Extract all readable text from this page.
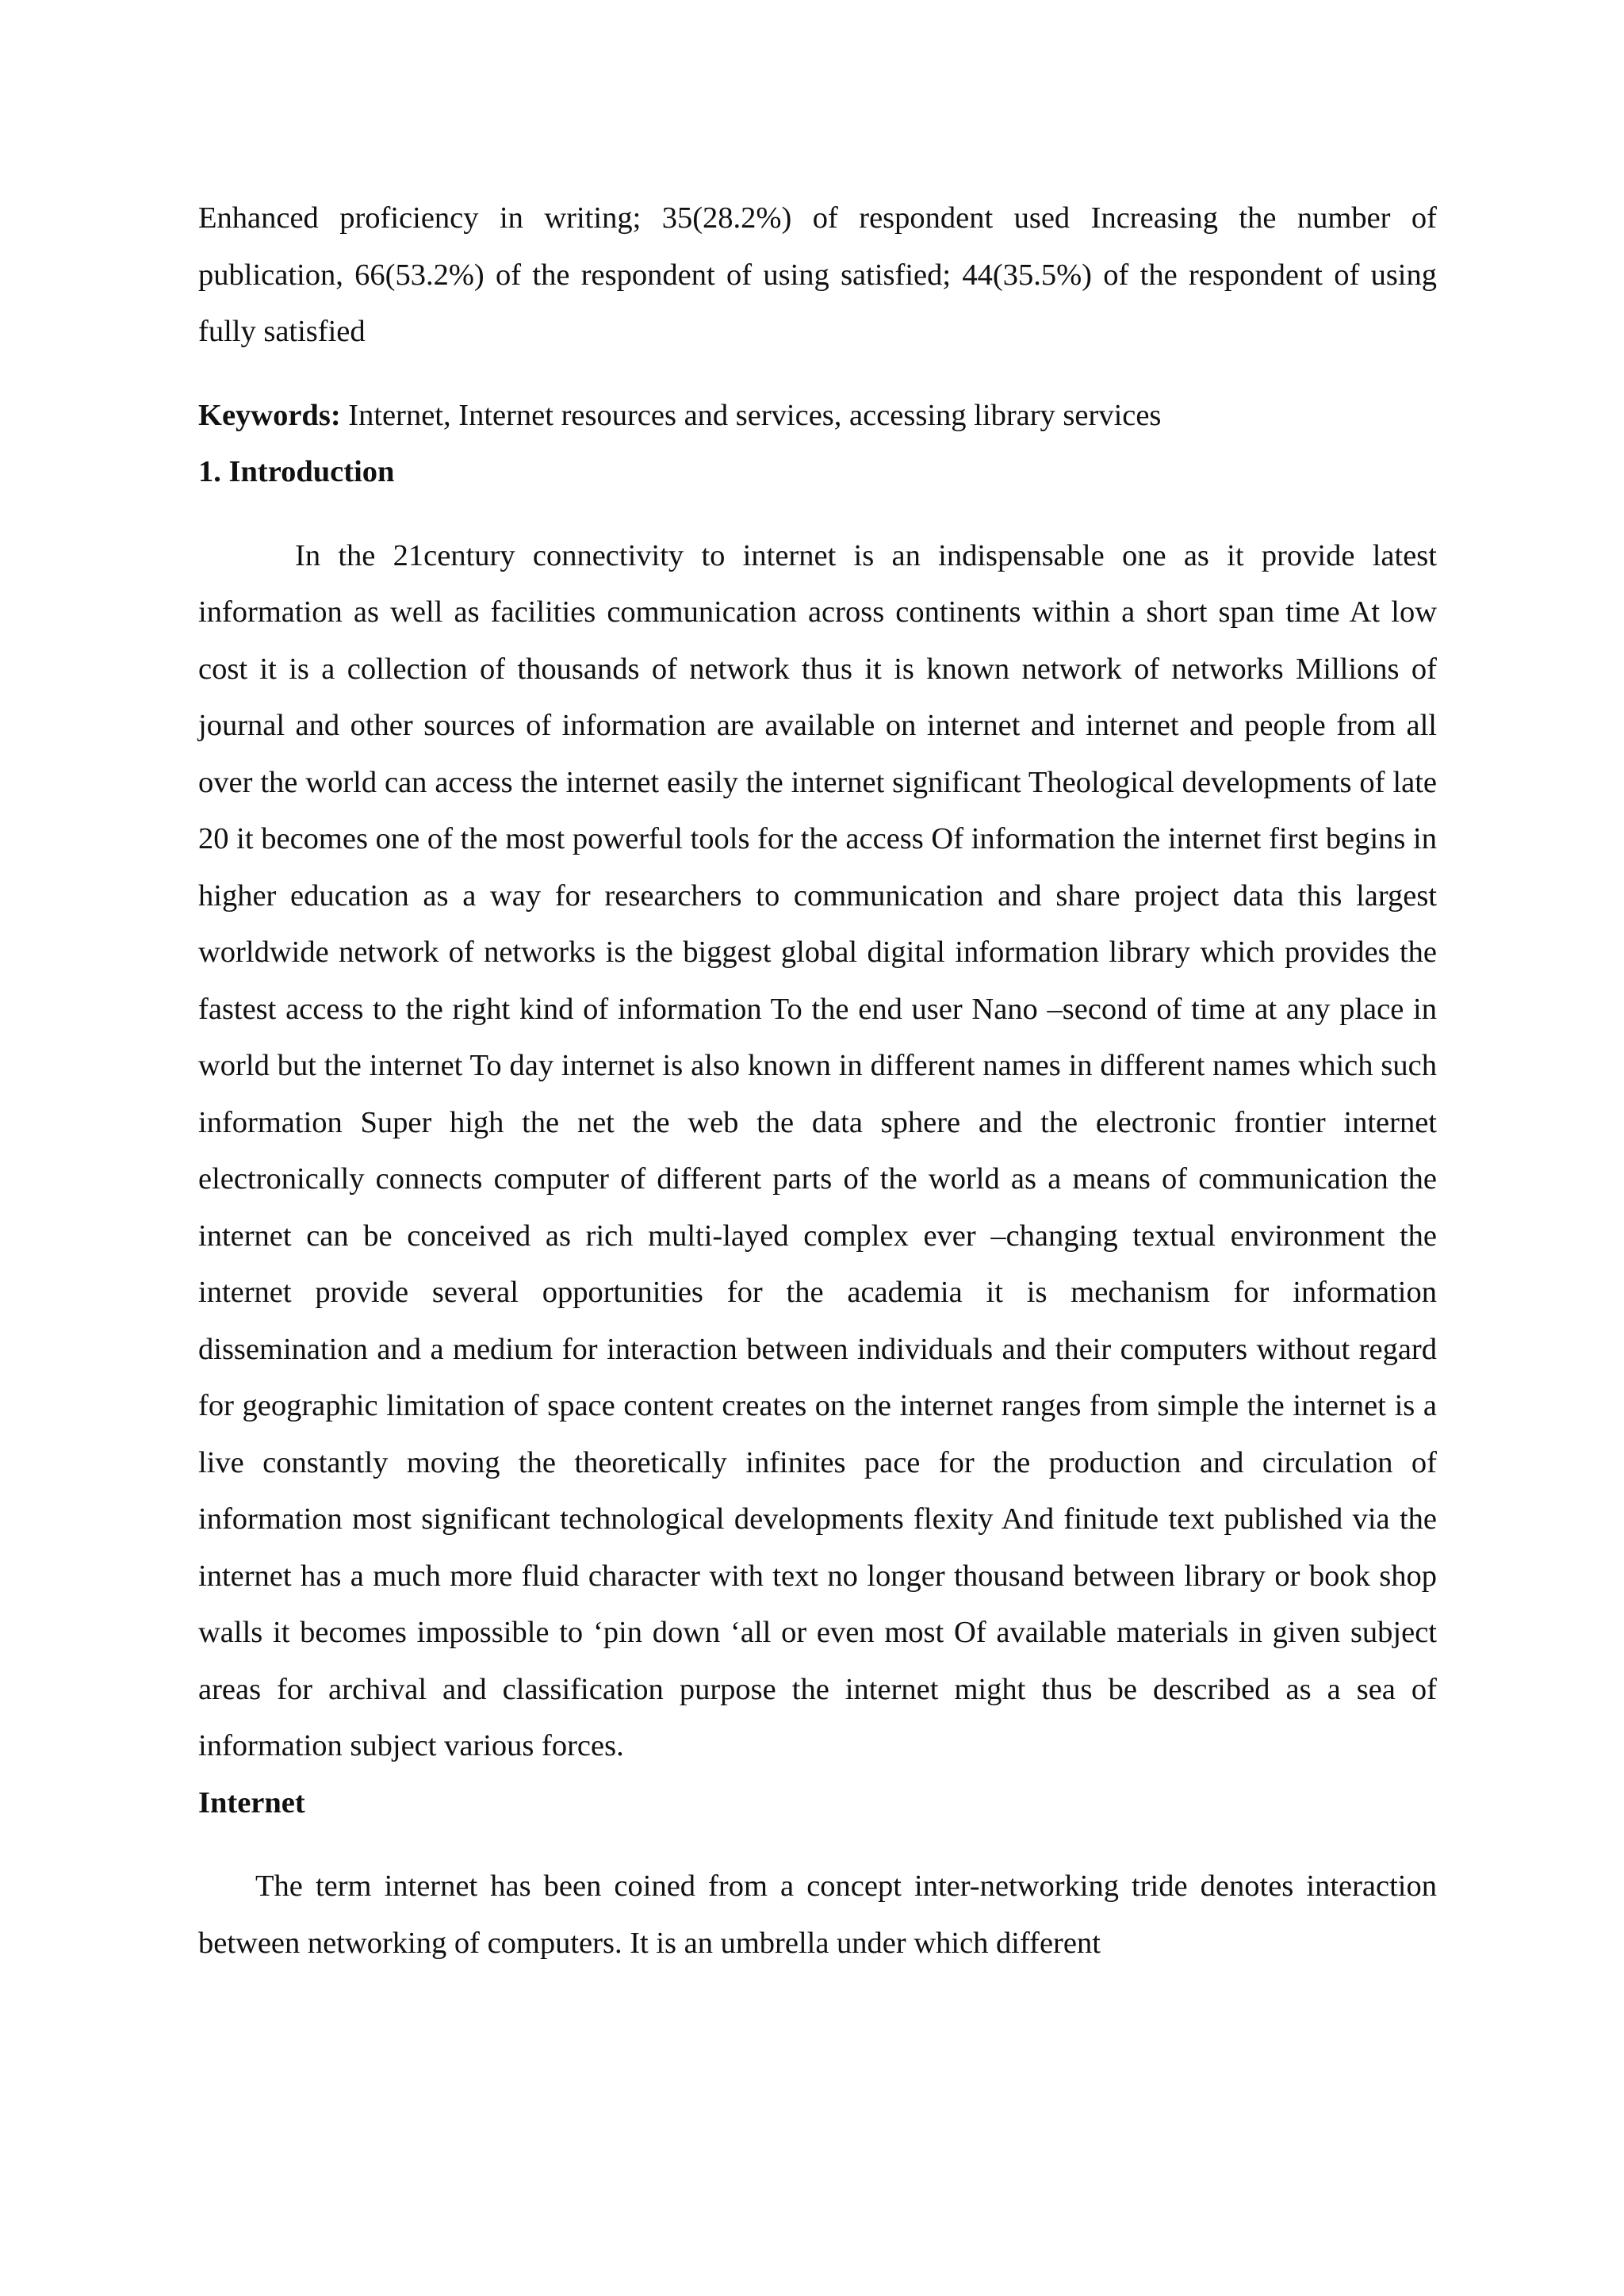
Enhanced proficiency in writing; 35(28.2%) of respondent used Increasing the number of publication, 66(53.2%) of the respondent of using satisfied; 44(35.5%) of the respondent of using fully satisfied

Keywords: Internet, Internet resources and services, accessing library services

1. Introduction

In the 21century connectivity to internet is an indispensable one as it provide latest information as well as facilities communication across continents within a short span time At low cost it is a collection of thousands of network thus it is known network of networks Millions of journal and other sources of information are available on internet and internet and people from all over the world can access the internet easily the internet significant Theological developments of late 20 it becomes one of the most powerful tools for the access Of information the internet first begins in higher education as a way for researchers to communication and share project data this largest worldwide network of networks is the biggest global digital information library which provides the fastest access to the right kind of information To the end user Nano –second of time at any place in world but the internet To day internet is also known in different names in different names which such information Super high the net the web the data sphere and the electronic frontier internet electronically connects computer of different parts of the world as a means of communication the internet can be conceived as rich multi-layed complex ever –changing textual environment the internet provide several opportunities for the academia it is mechanism for information dissemination and a medium for interaction between individuals and their computers without regard for geographic limitation of space content creates on the internet ranges from simple the internet is a live constantly moving the theoretically infinites pace for the production and circulation of information most significant technological developments flexity And finitude text published via the internet has a much more fluid character with text no longer thousand between library or book shop walls it becomes impossible to ‘pin down ‘all or even most Of available materials in given subject areas for archival and classification purpose the internet might thus be described as a sea of information subject various forces.

Internet

The term internet has been coined from a concept inter-networking tride denotes interaction between networking of computers. It is an umbrella under which different
